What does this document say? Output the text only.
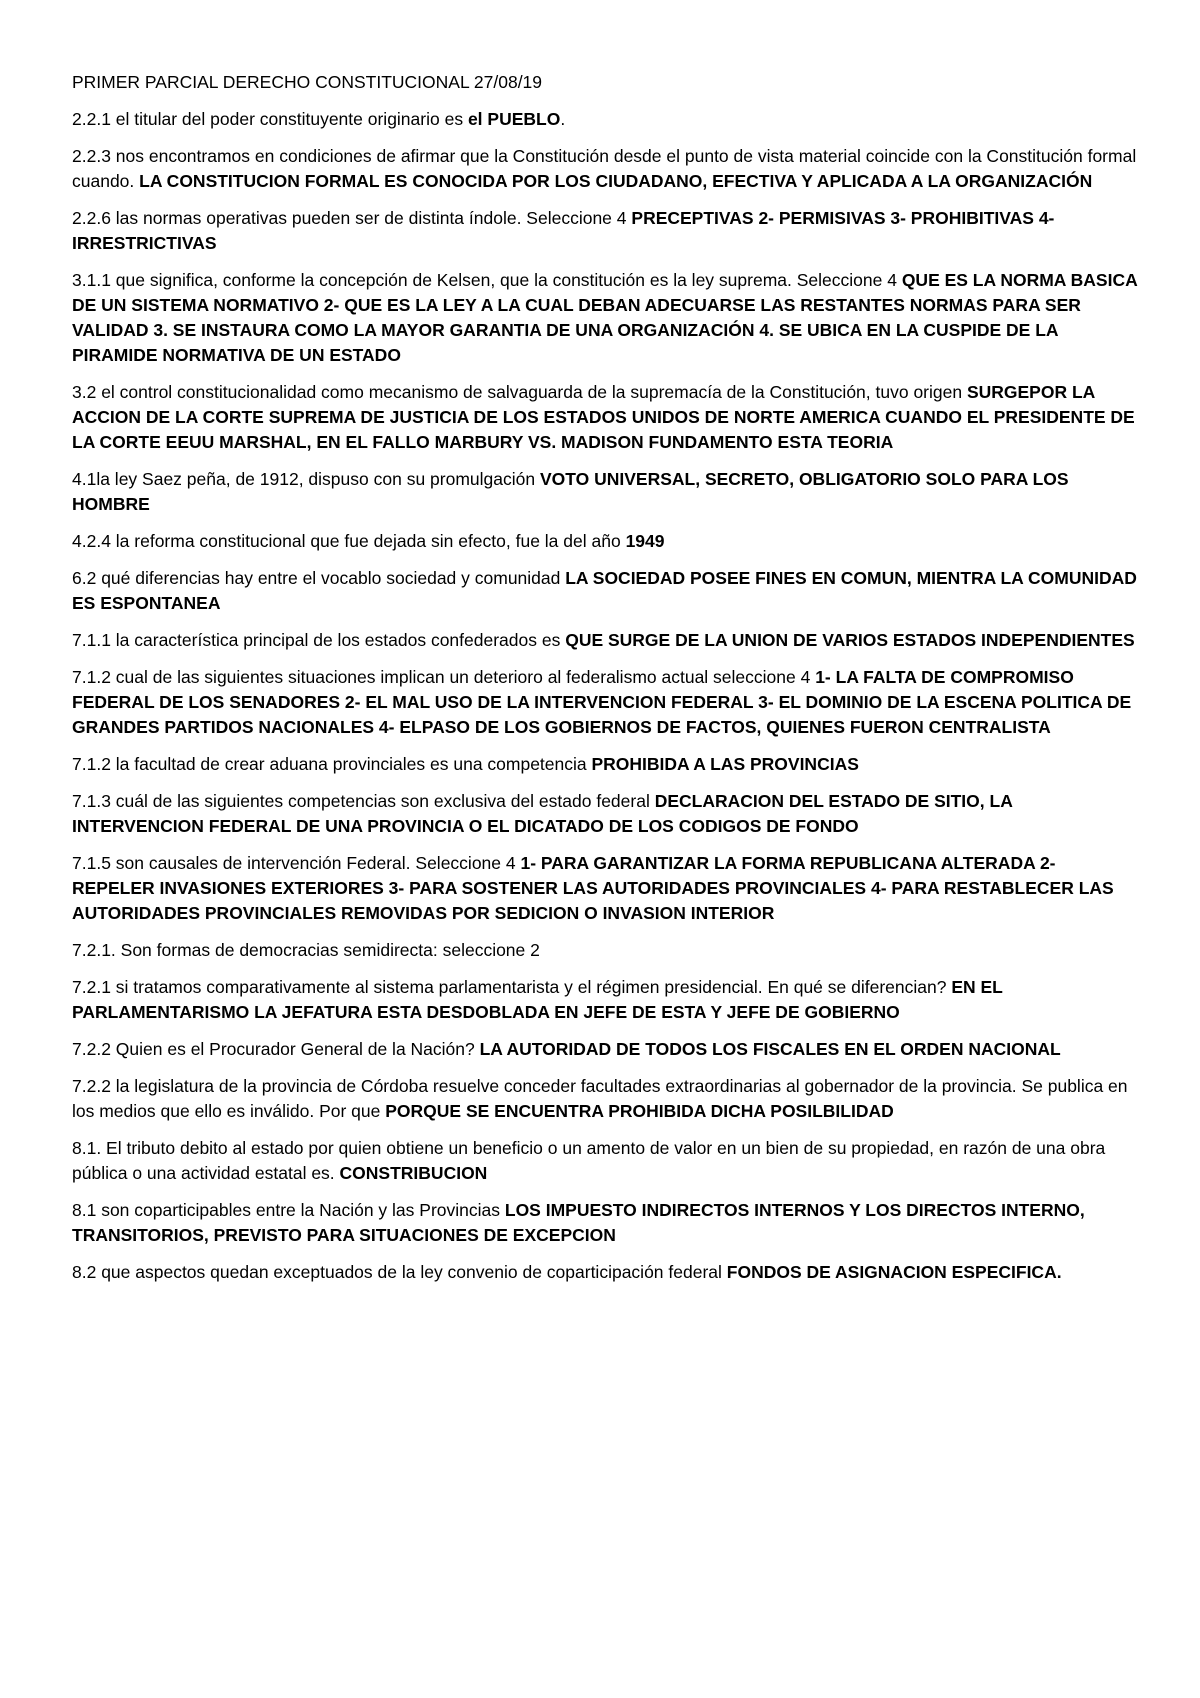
PRIMER PARCIAL DERECHO CONSTITUCIONAL 27/08/19

2.2.1 el titular del poder constituyente originario es el PUEBLO.

2.2.3 nos encontramos en condiciones de afirmar que la Constitución desde el punto de vista material coincide con la Constitución formal cuando. LA CONSTITUCION FORMAL ES CONOCIDA POR LOS CIUDADANO, EFECTIVA Y APLICADA A LA ORGANIZACIÓN

2.2.6 las normas operativas pueden ser de distinta índole. Seleccione 4 PRECEPTIVAS 2- PERMISIVAS 3- PROHIBITIVAS 4- IRRESTRICTIVAS

3.1.1 que significa, conforme la concepción de Kelsen, que la constitución es la ley suprema. Seleccione 4 QUE ES LA NORMA BASICA DE UN SISTEMA NORMATIVO 2- QUE ES LA LEY A LA CUAL DEBAN ADECUARSE LAS RESTANTES NORMAS PARA SER VALIDAD 3. SE INSTAURA COMO LA MAYOR GARANTIA DE UNA ORGANIZACIÓN 4. SE UBICA EN LA CUSPIDE DE LA PIRAMIDE NORMATIVA DE UN ESTADO

3.2 el control constitucionalidad como mecanismo de salvaguarda de la supremacía de la Constitución, tuvo origen SURGEPOR LA ACCION DE LA CORTE SUPREMA DE JUSTICIA DE LOS ESTADOS UNIDOS DE NORTE AMERICA CUANDO EL PRESIDENTE DE LA CORTE EEUU MARSHAL, EN EL FALLO MARBURY VS. MADISON FUNDAMENTO ESTA TEORIA

4.1la ley Saez peña, de 1912, dispuso con su promulgación VOTO UNIVERSAL, SECRETO, OBLIGATORIO SOLO PARA LOS HOMBRE

4.2.4 la reforma constitucional que fue dejada sin efecto, fue la del año 1949

6.2 qué diferencias hay entre el vocablo sociedad y comunidad LA SOCIEDAD POSEE FINES EN COMUN, MIENTRA LA COMUNIDAD ES ESPONTANEA

7.1.1 la característica principal de los estados confederados es QUE SURGE DE LA UNION DE VARIOS ESTADOS INDEPENDIENTES

7.1.2 cual de las siguientes situaciones implican un deterioro al federalismo actual seleccione 4 1- LA FALTA DE COMPROMISO FEDERAL DE LOS SENADORES 2- EL MAL USO DE LA INTERVENCION FEDERAL 3- EL DOMINIO DE LA ESCENA POLITICA DE GRANDES PARTIDOS NACIONALES 4- ELPASO DE LOS GOBIERNOS DE FACTOS, QUIENES FUERON CENTRALISTA

7.1.2 la facultad de crear aduana provinciales es una competencia PROHIBIDA A LAS PROVINCIAS

7.1.3 cuál de las siguientes competencias son exclusiva del estado federal DECLARACION DEL ESTADO DE SITIO, LA INTERVENCION FEDERAL DE UNA PROVINCIA O EL DICATADO DE LOS CODIGOS DE FONDO

7.1.5 son causales de intervención Federal. Seleccione 4 1- PARA GARANTIZAR LA FORMA REPUBLICANA ALTERADA 2- REPELER INVASIONES EXTERIORES 3- PARA SOSTENER LAS AUTORIDADES PROVINCIALES 4- PARA RESTABLECER LAS AUTORIDADES PROVINCIALES REMOVIDAS POR SEDICION O INVASION INTERIOR

7.2.1. Son formas de democracias semidirecta: seleccione 2

7.2.1 si tratamos comparativamente al sistema parlamentarista y el régimen presidencial. En qué se diferencian? EN EL PARLAMENTARISMO LA JEFATURA ESTA DESDOBLADA EN JEFE DE ESTA Y JEFE DE GOBIERNO

7.2.2 Quien es el Procurador General de la Nación? LA AUTORIDAD DE TODOS LOS FISCALES EN EL ORDEN NACIONAL

7.2.2 la legislatura de la provincia de Córdoba resuelve conceder facultades extraordinarias al gobernador de la provincia. Se publica en los medios que ello es inválido. Por que PORQUE SE ENCUENTRA PROHIBIDA DICHA POSILBILIDAD

8.1. El tributo debito al estado por quien obtiene un beneficio o un amento de valor en un bien de su propiedad, en razón de una obra pública o una actividad estatal es. CONSTRIBUCION

8.1 son coparticipables entre la Nación y las Provincias LOS IMPUESTO INDIRECTOS INTERNOS Y LOS DIRECTOS INTERNO, TRANSITORIOS, PREVISTO PARA SITUACIONES DE EXCEPCION

8.2 que aspectos quedan exceptuados de la ley convenio de coparticipación federal FONDOS DE ASIGNACION ESPECIFICA.
